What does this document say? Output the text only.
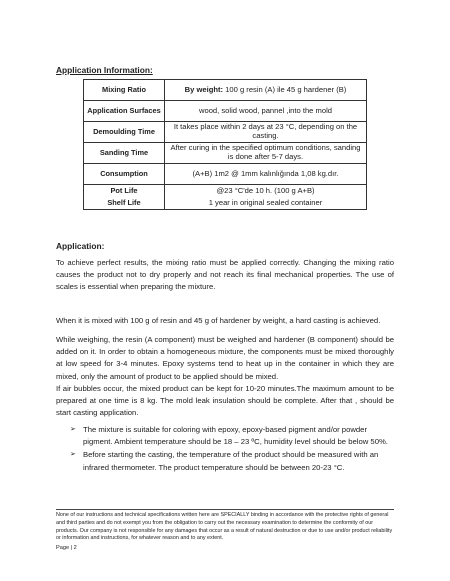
Application Information:
Mixing Ratio	By weight: 100 g resin (A) ile 45 g hardener (B)
Application Surfaces	wood, solid wood, pannel ,into the mold
Demoulding Time	It takes place within 2 days at 23 °C, depending on the casting.
Sanding Time	After curing in the specified optimum conditions, sanding is done after 5-7 days.
Consumption	(A+B) 1m2 @ 1mm kalınlığında 1,08 kg.dır.
Pot Life	@23 °C'de 10 h. (100 g A+B)
Shelf Life	1 year in original sealed container
Application:
To achieve perfect results, the mixing ratio must be applied correctly. Changing the mixing ratio causes the product not to dry properly and not reach its final mechanical properties. The use of scales is essential when preparing the mixture.
When it is mixed with 100 g of resin and 45 g of hardener by weight, a hard casting is achieved.
While weighing, the resin (A component) must be weighed and hardener (B component) should be added on it. In order to obtain a homogeneous mixture, the components must be mixed thoroughly at low speed for 3-4 minutes. Epoxy systems tend to heat up in the container in which they are mixed, only the amount of product to be applied should be mixed.
If air bubbles occur, the mixed product can be kept for 10-20 minutes.The maximum amount to be prepared at one time is 8 kg. The mold leak insulation should be complete. After that , should be start casting application.
➢ The mixture is suitable for coloring with epoxy, epoxy-based pigment and/or powder pigment. Ambient temperature should be 18 – 23 ºC, humidity level should be below 50%.
➢ Before starting the casting, the temperature of the product should be measured with an infrared thermometer. The product temperature should be between 20-23 °C.
None of our instructions and technical specifications written here are SPECIALLY binding in accordance with the protective rights of general and third parties and do not exempt you from the obligation to carry out the necessary examination to determine the conformity of our products. Our company is not responsible for any damages that occur as a result of natural destruction or due to use and/or product reliability or information and instructions, for whatever reason and to any extent.
Page | 2
